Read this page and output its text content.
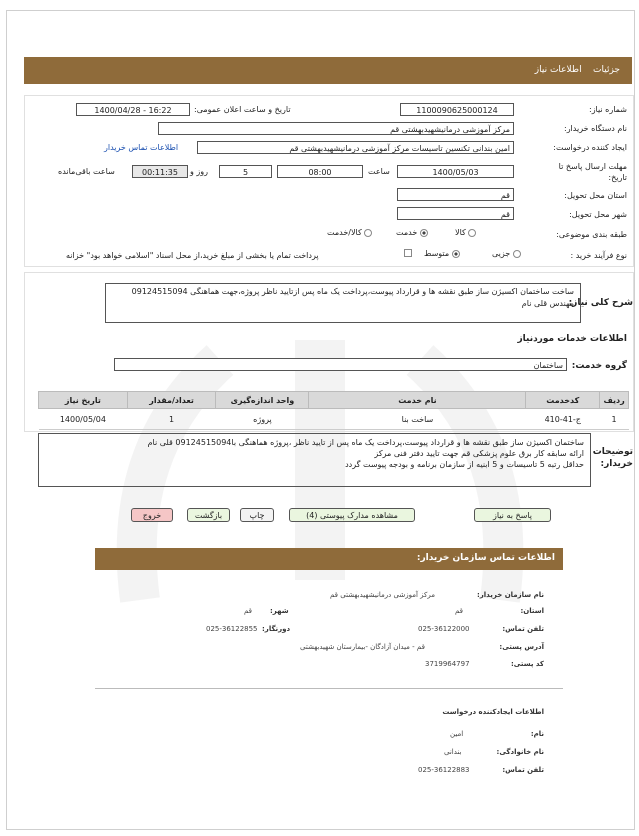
جزئیات    اطلاعات نیاز
شماره نیاز:
1100090625000124
تاریخ و ساعت اعلان عمومی:
1400/04/28 - 16:22
نام دستگاه خریدار:
مرکز آموزشی درمانیشهیدبهشتی قم
ایجاد کننده درخواست:
امین بندانی تکنسین تاسیسات مرکز آموزشی درمانیشهیدبهشتی قم
اطلاعات تماس خریدار
مهلت ارسال پاسخ تا تاریخ:
1400/05/03
ساعت
08:00
5
روز و
00:11:35
ساعت باقی‌مانده
استان محل تحویل:
قم
شهر محل تحویل:
قم
طبقه بندی موضوعی:
کالا
خدمت
کالا/خدمت
نوع فرآیند خرید :
جزیی
متوسط
پرداخت تمام یا بخشی از مبلغ خرید،از محل اسناد "اسلامی خواهد بود" خزانه
شرح کلی نیاز:
ساخت ساختمان اکسیژن ساز طبق نقشه ها و قرارداد پیوست،پرداخت یک ماه پس ازتایید ناظر پروژه،جهت هماهنگی 09124515094 مهندس قلی نام
اطلاعات خدمات موردنیاز
گروه خدمت:
ساختمان
ردیف	کدخدمت	نام خدمت	واحد اندازه‌گیری	تعداد/مقدار	تاریخ نیاز
1	ج-41-410	ساخت بنا	پروژه	1	1400/05/04
توضیحات خریدار:
ساختمان اکسیژن ساز طبق نقشه ها و قرارداد پیوست،پرداخت یک ماه پس از تایید ناظر ،پروژه هماهنگی با09124515094 قلی نام
ارائه سابقه کار برق علوم پزشکی قم جهت تایید دفتر فنی مرکز
حداقل رتبه 5 تاسیسات و 5 ابنیه از سازمان برنامه و بودجه پیوست گردد
پاسخ به نیاز
مشاهده مدارک پیوستی (4)
چاپ
بازگشت
خروج
اطلاعات تماس سازمان خریدار:
نام سازمان خریدار:
مرکز آموزشی درمانیشهیدبهشتی قم
استان:
قم
شهر:
قم
تلفن تماس:
025-36122000
دورنگار:
025-36122855
آدرس پستی:
قم - میدان آزادگان -بیمارستان شهیدبهشتی
کد پستی:
3719964797
اطلاعات ایجادکننده درخواست
نام:
امین
نام خانوادگی:
بندانی
تلفن تماس:
025-36122883
